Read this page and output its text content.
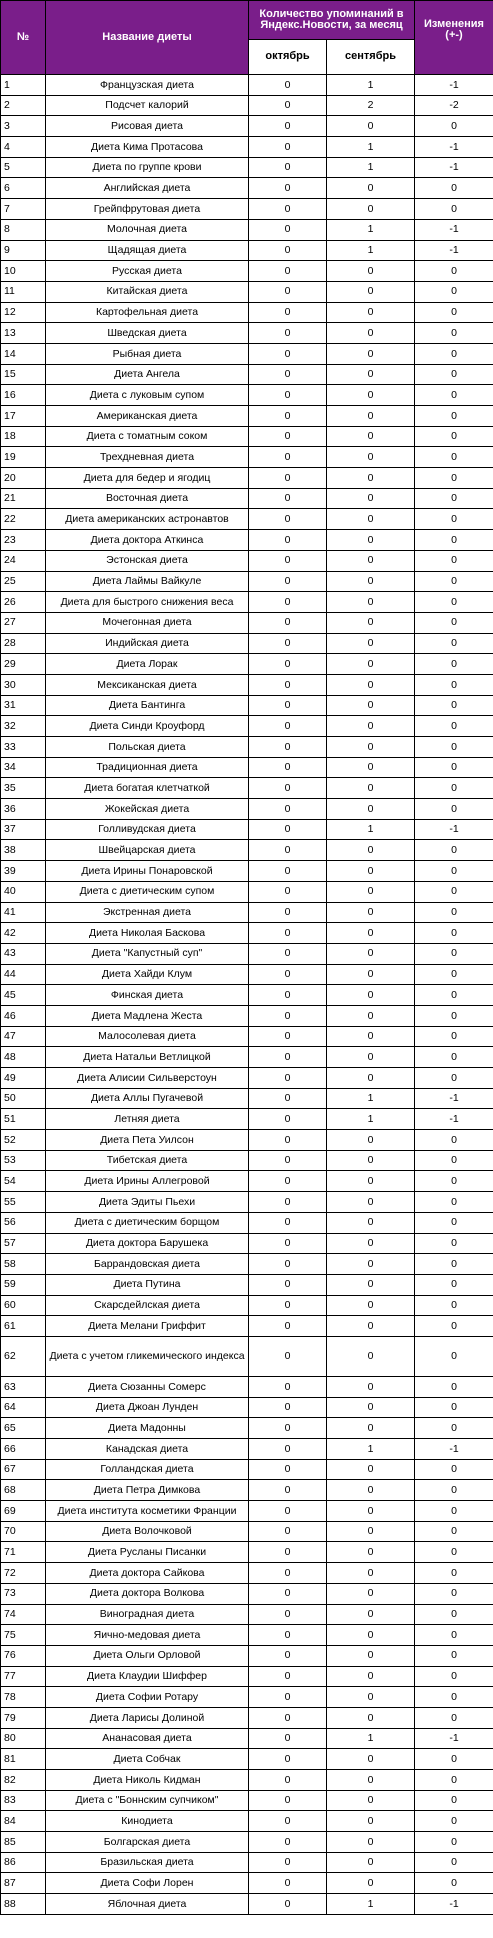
№	Название диеты	Количество упоминаний в Яндекс.Новости, за месяц		Изменения (+-)
		октябрь	сентябрь	
1	Французская диета	0	1	-1
2	Подсчет калорий	0	2	-2
3	Рисовая диета	0	0	0
4	Диета Кима Протасова	0	1	-1
5	Диета по группе крови	0	1	-1
6	Английская диета	0	0	0
7	Грейпфрутовая диета	0	0	0
8	Молочная диета	0	1	-1
9	Щадящая диета	0	1	-1
10	Русская диета	0	0	0
11	Китайская диета	0	0	0
12	Картофельная диета	0	0	0
13	Шведская диета	0	0	0
14	Рыбная диета	0	0	0
15	Диета Ангела	0	0	0
16	Диета с луковым супом	0	0	0
17	Американская диета	0	0	0
18	Диета с томатным соком	0	0	0
19	Трехдневная диета	0	0	0
20	Диета для бедер и ягодиц	0	0	0
21	Восточная диета	0	0	0
22	Диета американских астронавтов	0	0	0
23	Диета доктора Аткинса	0	0	0
24	Эстонская диета	0	0	0
25	Диета Лаймы Вайкуле	0	0	0
26	Диета для быстрого снижения веса	0	0	0
27	Мочегонная диета	0	0	0
28	Индийская диета	0	0	0
29	Диета Лорак	0	0	0
30	Мексиканская диета	0	0	0
31	Диета Бантинга	0	0	0
32	Диета Синди Кроуфорд	0	0	0
33	Польская диета	0	0	0
34	Традиционная диета	0	0	0
35	Диета богатая клетчаткой	0	0	0
36	Жокейская диета	0	0	0
37	Голливудская диета	0	1	-1
38	Швейцарская диета	0	0	0
39	Диета Ирины Понаровской	0	0	0
40	Диета с диетическим супом	0	0	0
41	Экстренная диета	0	0	0
42	Диета Николая Баскова	0	0	0
43	Диета "Капустный суп"	0	0	0
44	Диета Хайди Клум	0	0	0
45	Финская диета	0	0	0
46	Диета Мадлена Жеста	0	0	0
47	Малосолевая диета	0	0	0
48	Диета Натальи Ветлицкой	0	0	0
49	Диета Алисии Сильверстоун	0	0	0
50	Диета Аллы Пугачевой	0	1	-1
51	Летняя диета	0	1	-1
52	Диета Пета Уилсон	0	0	0
53	Тибетская диета	0	0	0
54	Диета Ирины Аллегровой	0	0	0
55	Диета Эдиты Пьехи	0	0	0
56	Диета с диетическим борщом	0	0	0
57	Диета доктора Барушека	0	0	0
58	Баррандовская диета	0	0	0
59	Диета Путина	0	0	0
60	Скарсдейлская диета	0	0	0
61	Диета Мелани Гриффит	0	0	0
62	Диета с учетом гликемического индекса	0	0	0
63	Диета Сюзанны Сомерс	0	0	0
64	Диета Джоан Лунден	0	0	0
65	Диета Мадонны	0	0	0
66	Канадская диета	0	1	-1
67	Голландская диета	0	0	0
68	Диета Петра Димкова	0	0	0
69	Диета института косметики Франции	0	0	0
70	Диета Волочковой	0	0	0
71	Диета Русланы Писанки	0	0	0
72	Диета доктора Сайкова	0	0	0
73	Диета доктора Волкова	0	0	0
74	Виноградная диета	0	0	0
75	Яично-медовая диета	0	0	0
76	Диета Ольги Орловой	0	0	0
77	Диета Клаудии Шиффер	0	0	0
78	Диета Софии Ротару	0	0	0
79	Диета Ларисы Долиной	0	0	0
80	Ананасовая диета	0	1	-1
81	Диета Собчак	0	0	0
82	Диета Николь Кидман	0	0	0
83	Диета с "Боннским супчиком"	0	0	0
84	Кинодиета	0	0	0
85	Болгарская диета	0	0	0
86	Бразильская диета	0	0	0
87	Диета Софи Лорен	0	0	0
88	Яблочная диета	0	1	-1
